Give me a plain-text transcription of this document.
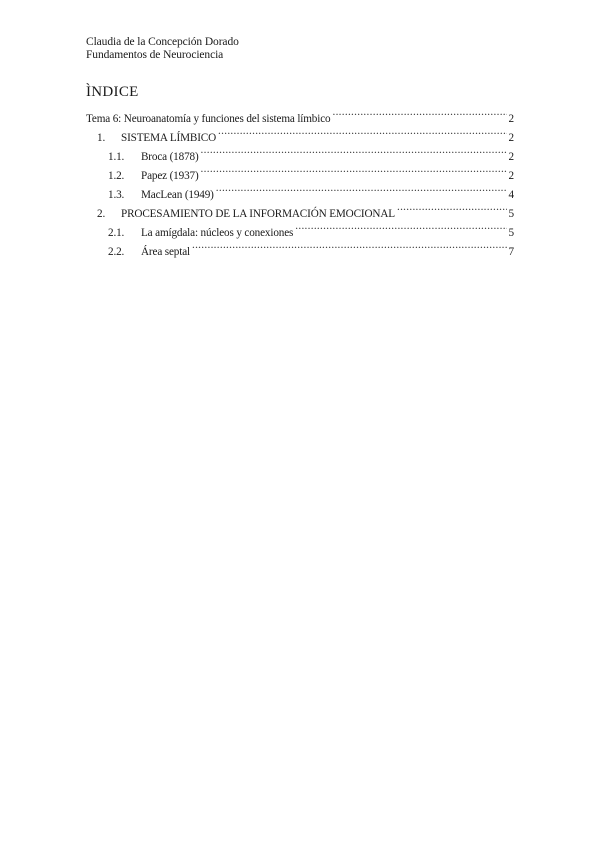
Claudia de la Concepción Dorado
Fundamentos de Neurociencia
ÌNDICE
Tema 6: Neuroanatomía y funciones del sistema límbico .....	2
1.	SISTEMA LÍMBICO .....	2
1.1.	Broca (1878) .....	2
1.2.	Papez (1937) .....	2
1.3.	MacLean (1949) .....	4
2.	PROCESAMIENTO DE LA INFORMACIÓN EMOCIONAL .....	5
2.1.	La amígdala: núcleos y conexiones .....	5
2.2.	Área septal .....	7
